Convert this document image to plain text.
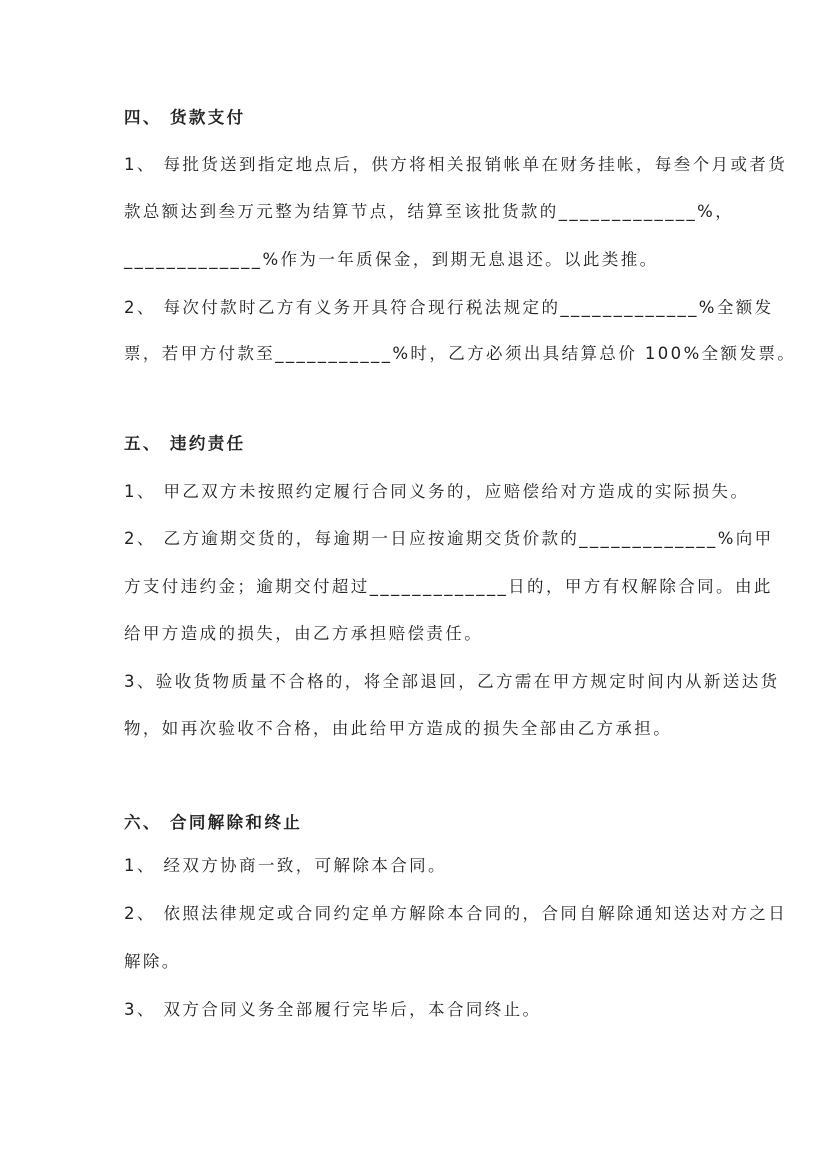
四、 货款支付
1、 每批货送到指定地点后，供方将相关报销帐单在财务挂帐，每叁个月或者货
款总额达到叁万元整为结算节点，结算至该批货款的_____________%，
_____________%作为一年质保金，到期无息退还。以此类推。
2、 每次付款时乙方有义务开具符合现行税法规定的_____________%全额发
票，若甲方付款至___________%时，乙方必须出具结算总价 100%全额发票。
五、 违约责任
1、 甲乙双方未按照约定履行合同义务的，应赔偿给对方造成的实际损失。
2、 乙方逾期交货的，每逾期一日应按逾期交货价款的_____________%向甲
方支付违约金；逾期交付超过_____________日的，甲方有权解除合同。由此
给甲方造成的损失，由乙方承担赔偿责任。
3、验收货物质量不合格的，将全部退回，乙方需在甲方规定时间内从新送达货
物，如再次验收不合格，由此给甲方造成的损失全部由乙方承担。
六、 合同解除和终止
1、 经双方协商一致，可解除本合同。
2、 依照法律规定或合同约定单方解除本合同的，合同自解除通知送达对方之日
解除。
3、 双方合同义务全部履行完毕后，本合同终止。
